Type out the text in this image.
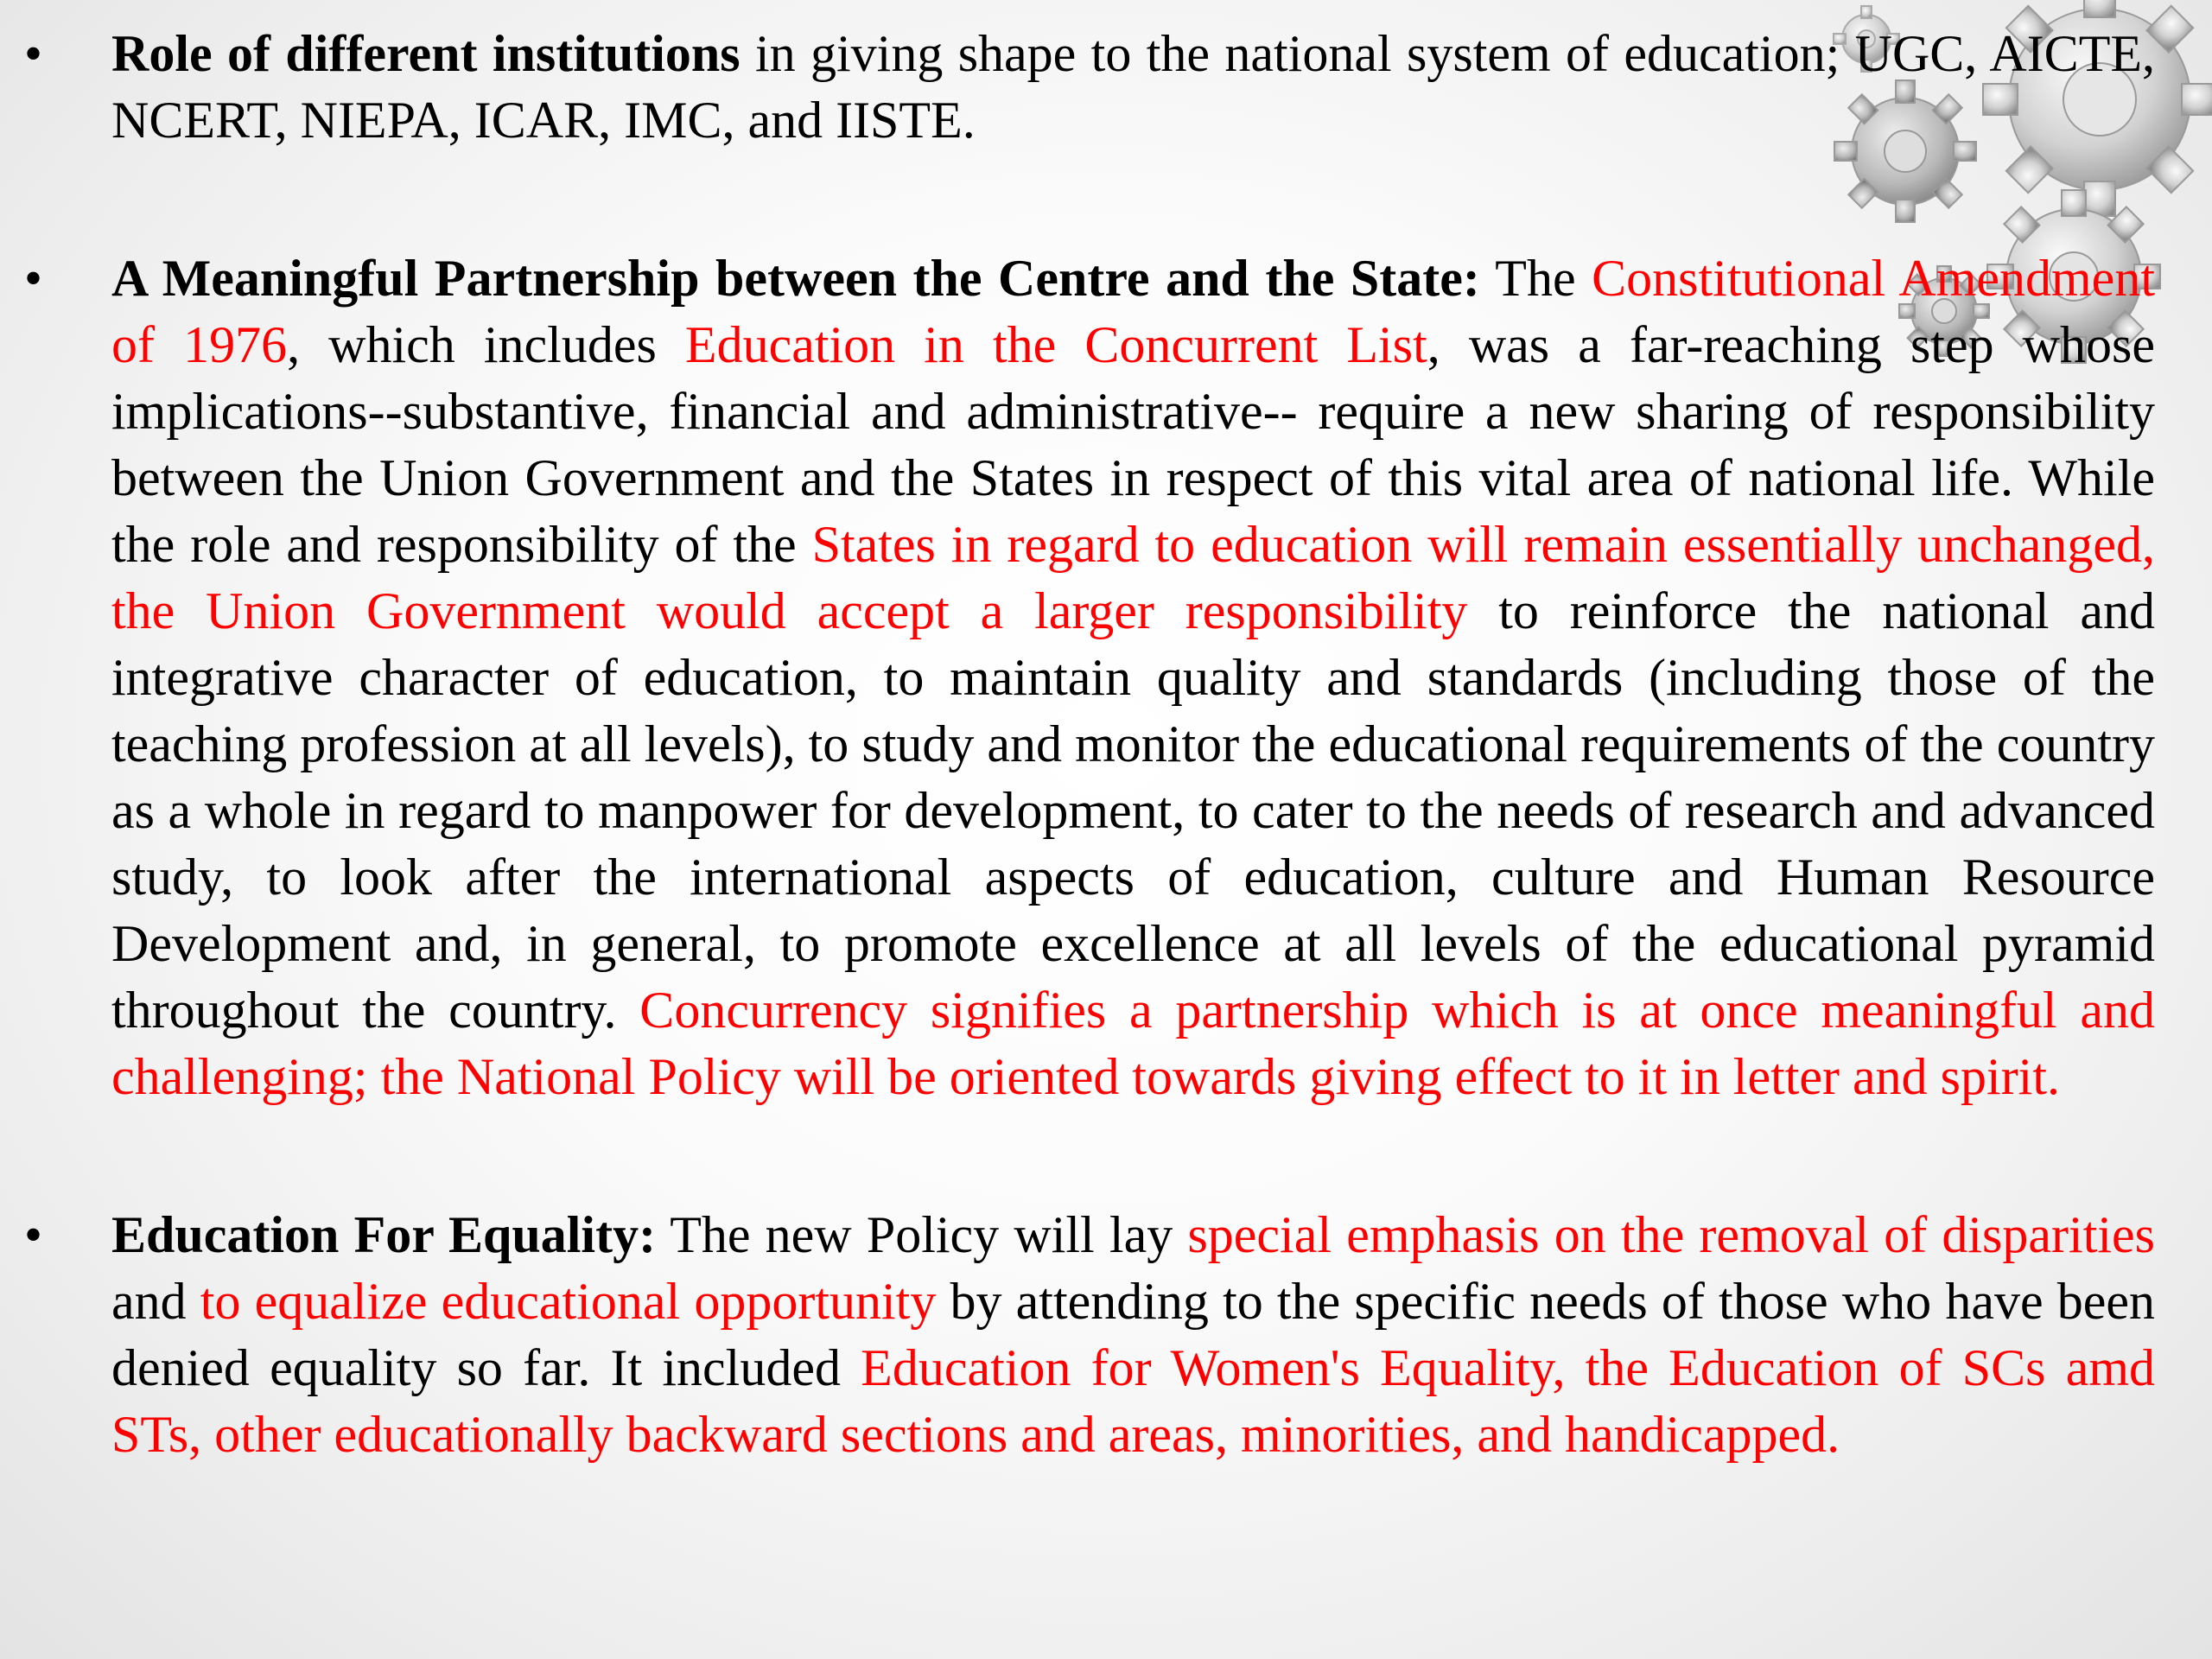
• Role of different institutions in giving shape to the national system of education; UGC, AICTE, NCERT, NIEPA, ICAR, IMC, and IISTE.

• A Meaningful Partnership between the Centre and the State: The Constitutional Amendment of 1976, which includes Education in the Concurrent List, was a far-reaching step whose implications--substantive, financial and administrative-- require a new sharing of responsibility between the Union Government and the States in respect of this vital area of national life. While the role and responsibility of the States in regard to education will remain essentially unchanged, the Union Government would accept a larger responsibility to reinforce the national and integrative character of education, to maintain quality and standards (including those of the teaching profession at all levels), to study and monitor the educational requirements of the country as a whole in regard to manpower for development, to cater to the needs of research and advanced study, to look after the international aspects of education, culture and Human Resource Development and, in general, to promote excellence at all levels of the educational pyramid throughout the country. Concurrency signifies a partnership which is at once meaningful and challenging; the National Policy will be oriented towards giving effect to it in letter and spirit.

• Education For Equality: The new Policy will lay special emphasis on the removal of disparities and to equalize educational opportunity by attending to the specific needs of those who have been denied equality so far. It included Education for Women's Equality, the Education of SCs amd STs, other educationally backward sections and areas, minorities, and handicapped.
